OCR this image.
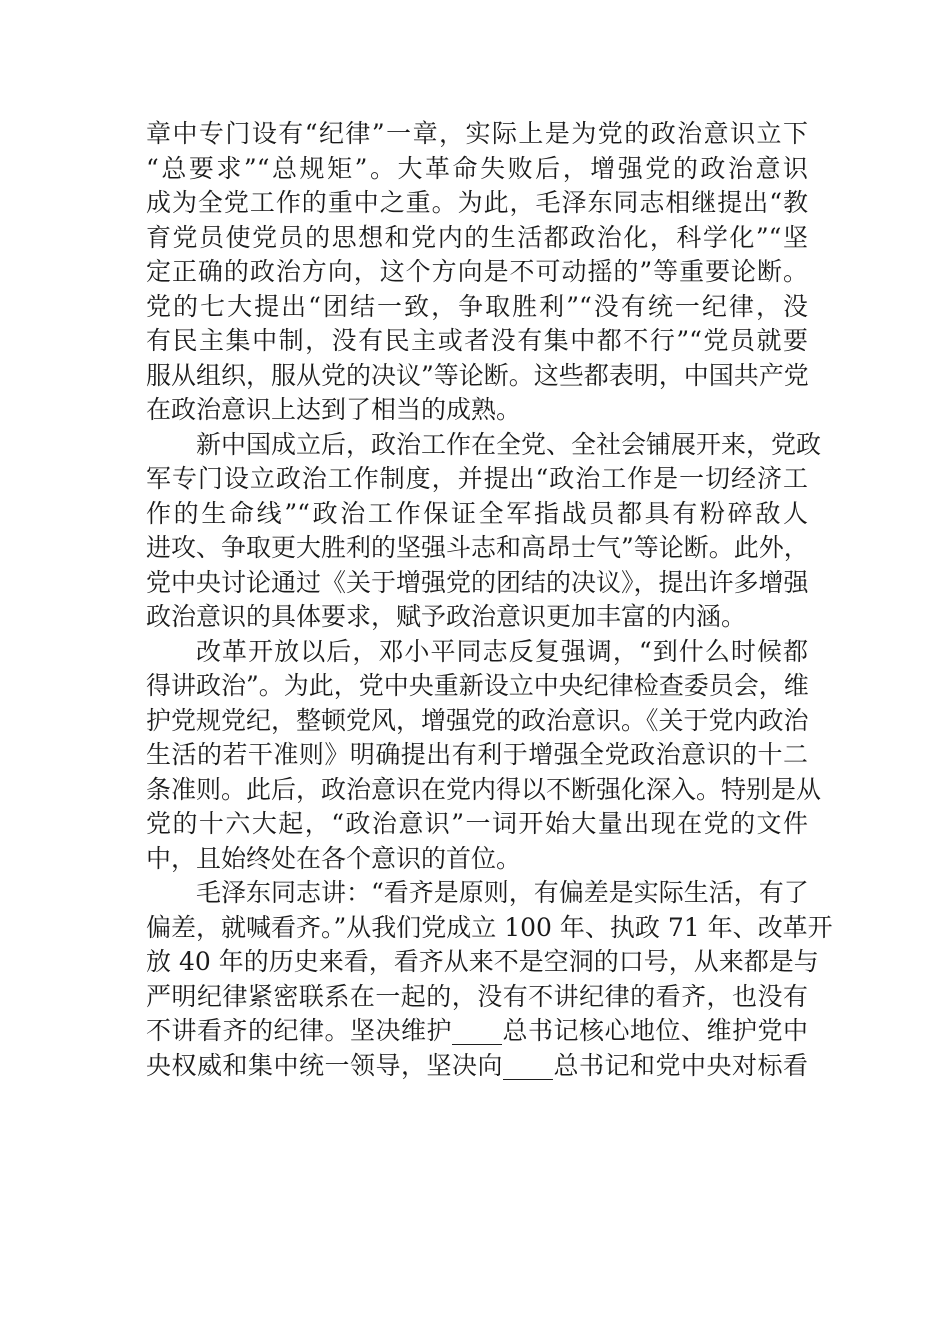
章中专门设有“纪律”一章，实际上是为党的政治意识立下
“总要求”“总规矩”。大革命失败后，增强党的政治意识
成为全党工作的重中之重。为此，毛泽东同志相继提出“教
育党员使党员的思想和党内的生活都政治化，科学化”“坚
定正确的政治方向，这个方向是不可动摇的”等重要论断。
党的七大提出“团结一致，争取胜利”“没有统一纪律，没
有民主集中制，没有民主或者没有集中都不行”“党员就要
服从组织，服从党的决议”等论断。这些都表明，中国共产党
在政治意识上达到了相当的成熟。
新中国成立后，政治工作在全党、全社会铺展开来，党政
军专门设立政治工作制度，并提出“政治工作是一切经济工
作的生命线”“政治工作保证全军指战员都具有粉碎敌人
进攻、争取更大胜利的坚强斗志和高昂士气”等论断。此外，
党中央讨论通过《关于增强党的团结的决议》，提出许多增强
政治意识的具体要求，赋予政治意识更加丰富的内涵。
改革开放以后，邓小平同志反复强调，“到什么时候都
得讲政治”。为此，党中央重新设立中央纪律检查委员会，维
护党规党纪，整顿党风，增强党的政治意识。《关于党内政治
生活的若干准则》明确提出有利于增强全党政治意识的十二
条准则。此后，政治意识在党内得以不断强化深入。特别是从
党的十六大起，“政治意识”一词开始大量出现在党的文件
中，且始终处在各个意识的首位。
毛泽东同志讲：“看齐是原则，有偏差是实际生活，有了
偏差，就喊看齐。”从我们党成立 100 年、执政 71 年、改革开
放 40 年的历史来看，看齐从来不是空洞的口号，从来都是与
严明纪律紧密联系在一起的，没有不讲纪律的看齐，也没有
不讲看齐的纪律。坚决维护____总书记核心地位、维护党中
央权威和集中统一领导，坚决向____总书记和党中央对标看
